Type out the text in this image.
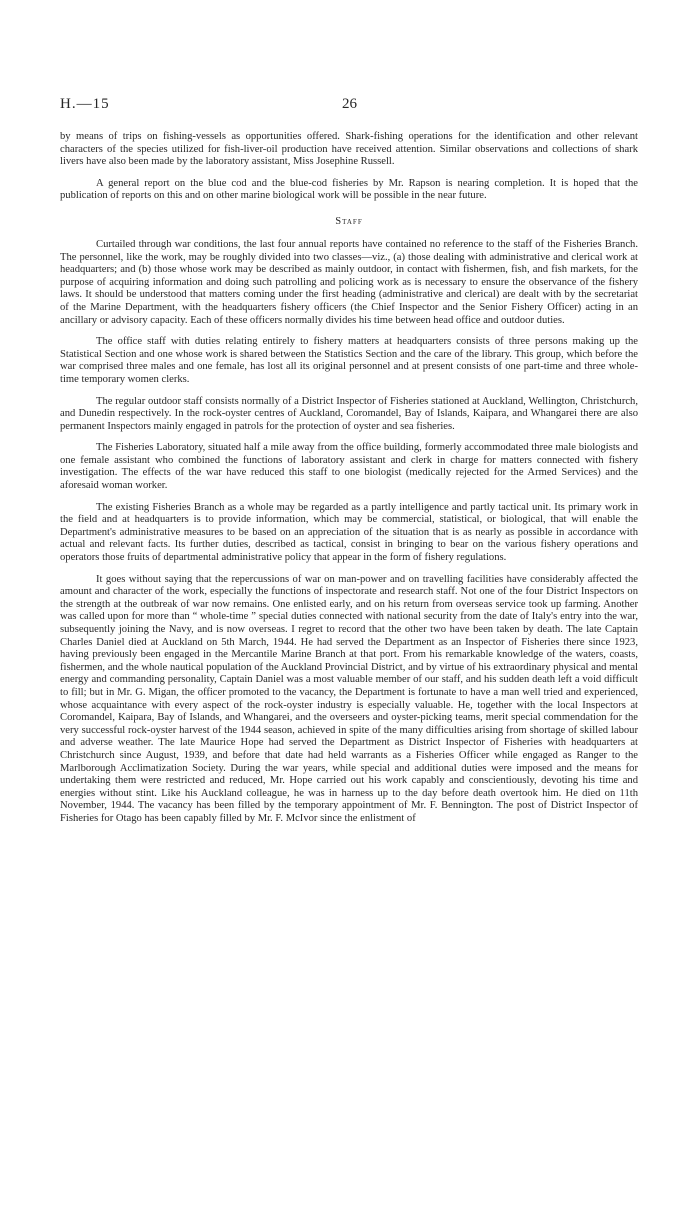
H.—15	26

by means of trips on fishing-vessels as opportunities offered. Shark-fishing operations for the identification and other relevant characters of the species utilized for fish-liver-oil production have received attention. Similar observations and collections of shark livers have also been made by the laboratory assistant, Miss Josephine Russell.

A general report on the blue cod and the blue-cod fisheries by Mr. Rapson is nearing completion. It is hoped that the publication of reports on this and on other marine biological work will be possible in the near future.

Staff

Curtailed through war conditions, the last four annual reports have contained no reference to the staff of the Fisheries Branch. The personnel, like the work, may be roughly divided into two classes—viz., (a) those dealing with administrative and clerical work at headquarters; and (b) those whose work may be described as mainly outdoor, in contact with fishermen, fish, and fish markets, for the purpose of acquiring information and doing such patrolling and policing work as is necessary to ensure the observance of the fishery laws. It should be understood that matters coming under the first heading (administrative and clerical) are dealt with by the secretariat of the Marine Department, with the headquarters fishery officers (the Chief Inspector and the Senior Fishery Officer) acting in an ancillary or advisory capacity. Each of these officers normally divides his time between head office and outdoor duties.

The office staff with duties relating entirely to fishery matters at headquarters consists of three persons making up the Statistical Section and one whose work is shared between the Statistics Section and the care of the library. This group, which before the war comprised three males and one female, has lost all its original personnel and at present consists of one part-time and three whole-time temporary women clerks.

The regular outdoor staff consists normally of a District Inspector of Fisheries stationed at Auckland, Wellington, Christchurch, and Dunedin respectively. In the rock-oyster centres of Auckland, Coromandel, Bay of Islands, Kaipara, and Whangarei there are also permanent Inspectors mainly engaged in patrols for the protection of oyster and sea fisheries.

The Fisheries Laboratory, situated half a mile away from the office building, formerly accommodated three male biologists and one female assistant who combined the functions of laboratory assistant and clerk in charge for matters connected with fishery investigation. The effects of the war have reduced this staff to one biologist (medically rejected for the Armed Services) and the aforesaid woman worker.

The existing Fisheries Branch as a whole may be regarded as a partly intelligence and partly tactical unit. Its primary work in the field and at headquarters is to provide information, which may be commercial, statistical, or biological, that will enable the Department's administrative measures to be based on an appreciation of the situation that is as nearly as possible in accordance with actual and relevant facts. Its further duties, described as tactical, consist in bringing to bear on the various fishery operations and operators those fruits of departmental administrative policy that appear in the form of fishery regulations.

It goes without saying that the repercussions of war on man-power and on travelling facilities have considerably affected the amount and character of the work, especially the functions of inspectorate and research staff. Not one of the four District Inspectors on the strength at the outbreak of war now remains. One enlisted early, and on his return from overseas service took up farming. Another was called upon for more than “ whole-time ” special duties connected with national security from the date of Italy's entry into the war, subsequently joining the Navy, and is now overseas. I regret to record that the other two have been taken by death. The late Captain Charles Daniel died at Auckland on 5th March, 1944. He had served the Department as an Inspector of Fisheries there since 1923, having previously been engaged in the Mercantile Marine Branch at that port. From his remarkable knowledge of the waters, coasts, fishermen, and the whole nautical population of the Auckland Provincial District, and by virtue of his extraordinary physical and mental energy and commanding personality, Captain Daniel was a most valuable member of our staff, and his sudden death left a void difficult to fill; but in Mr. G. Migan, the officer promoted to the vacancy, the Department is fortunate to have a man well tried and experienced, whose acquaintance with every aspect of the rock-oyster industry is especially valuable. He, together with the local Inspectors at Coromandel, Kaipara, Bay of Islands, and Whangarei, and the overseers and oyster-picking teams, merit special commendation for the very successful rock-oyster harvest of the 1944 season, achieved in spite of the many difficulties arising from shortage of skilled labour and adverse weather. The late Maurice Hope had served the Department as District Inspector of Fisheries with headquarters at Christchurch since August, 1939, and before that date had held warrants as a Fisheries Officer while engaged as Ranger to the Marlborough Acclimatization Society. During the war years, while special and additional duties were imposed and the means for undertaking them were restricted and reduced, Mr. Hope carried out his work capably and conscientiously, devoting his time and energies without stint. Like his Auckland colleague, he was in harness up to the day before death overtook him. He died on 11th November, 1944. The vacancy has been filled by the temporary appointment of Mr. F. Bennington. The post of District Inspector of Fisheries for Otago has been capably filled by Mr. F. McIvor since the enlistment of
